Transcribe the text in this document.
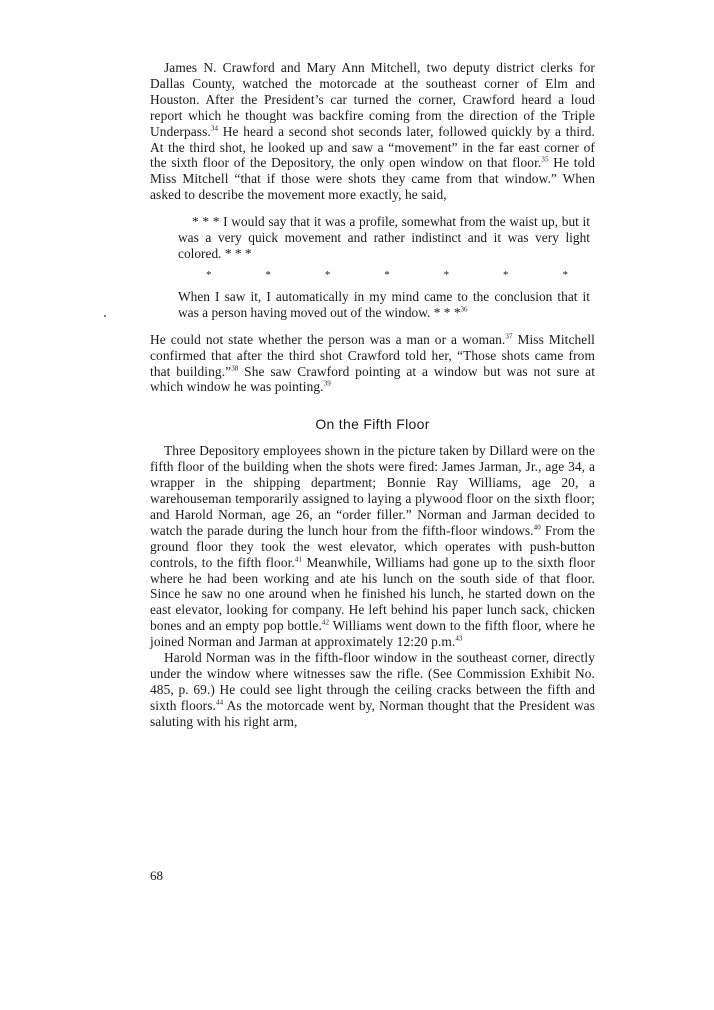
James N. Crawford and Mary Ann Mitchell, two deputy district clerks for Dallas County, watched the motorcade at the southeast corner of Elm and Houston. After the President’s car turned the corner, Crawford heard a loud report which he thought was backfire coming from the direction of the Triple Underpass.$^{34}$ He heard a second shot seconds later, followed quickly by a third. At the third shot, he looked up and saw a “movement” in the far east corner of the sixth floor of the Depository, the only open window on that floor.$^{35}$ He told Miss Mitchell “that if those were shots they came from that window.” When asked to describe the movement more exactly, he said,

* * * I would say that it was a profile, somewhat from the waist up, but it was a very quick movement and rather indistinct and it was very light colored. * * *

*	*	*	*	*	*	*

When I saw it, I automatically in my mind came to the conclusion that it was a person having moved out of the window. * * *$^{36}$

He could not state whether the person was a man or a woman.$^{37}$ Miss Mitchell confirmed that after the third shot Crawford told her, “Those shots came from that building.”$^{38}$ She saw Crawford pointing at a window but was not sure at which window he was pointing.$^{39}$

On the Fifth Floor

Three Depository employees shown in the picture taken by Dillard were on the fifth floor of the building when the shots were fired: James Jarman, Jr., age 34, a wrapper in the shipping department; Bonnie Ray Williams, age 20, a warehouseman temporarily assigned to laying a plywood floor on the sixth floor; and Harold Norman, age 26, an “order filler.” Norman and Jarman decided to watch the parade during the lunch hour from the fifth-floor windows.$^{40}$ From the ground floor they took the west elevator, which operates with push-button controls, to the fifth floor.$^{41}$ Meanwhile, Williams had gone up to the sixth floor where he had been working and ate his lunch on the south side of that floor. Since he saw no one around when he finished his lunch, he started down on the east elevator, looking for company. He left behind his paper lunch sack, chicken bones and an empty pop bottle.$^{42}$ Williams went down to the fifth floor, where he joined Norman and Jarman at approximately 12:20 p.m.$^{43}$

Harold Norman was in the fifth-floor window in the southeast corner, directly under the window where witnesses saw the rifle. (See Commission Exhibit No. 485, p. 69.) He could see light through the ceiling cracks between the fifth and sixth floors.$^{44}$ As the motorcade went by, Norman thought that the President was saluting with his right arm,

68
